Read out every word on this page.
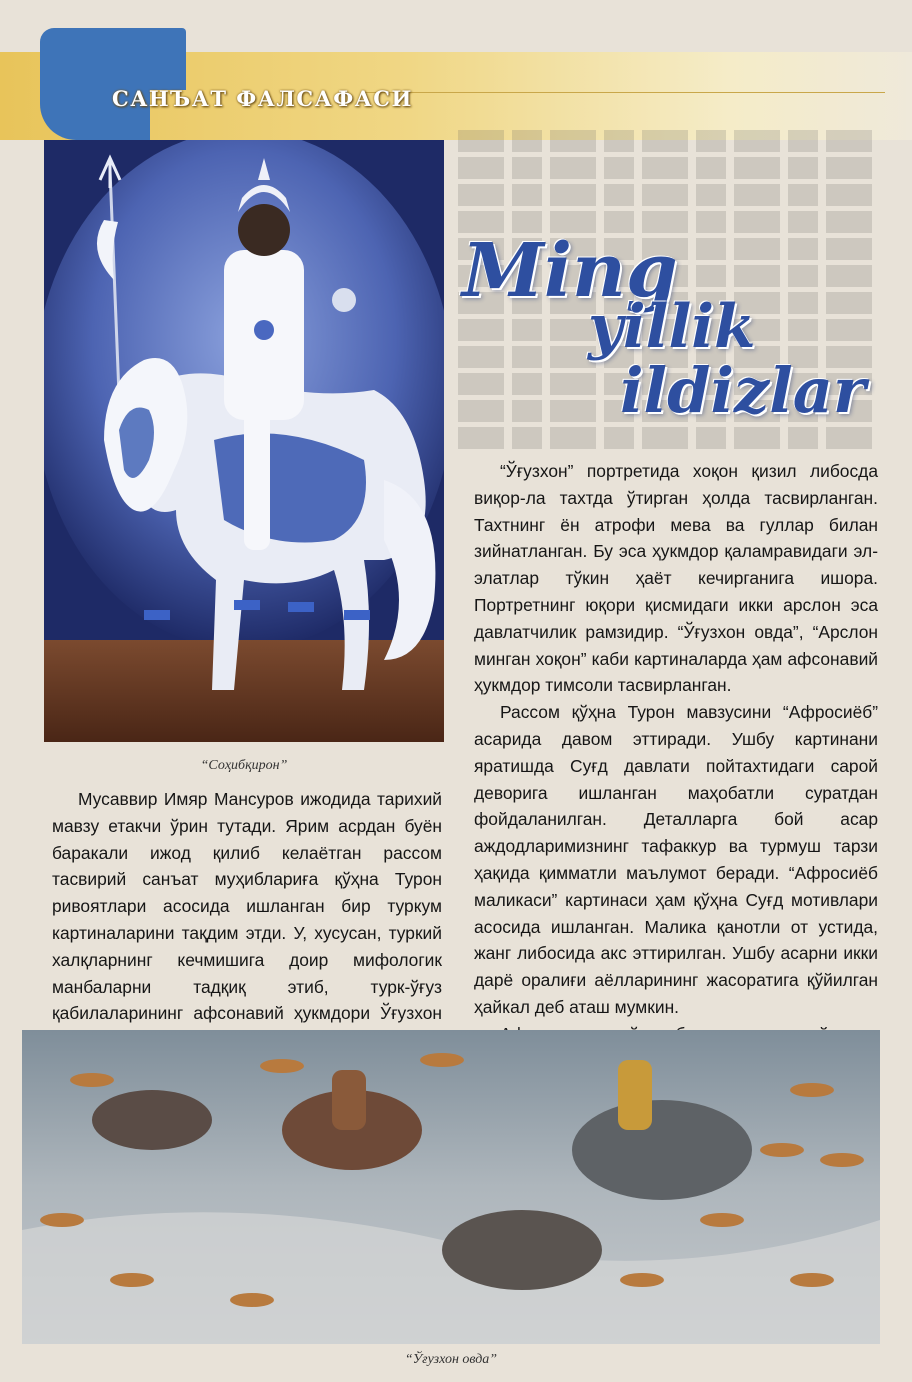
САНЪАТ ФАЛСАФАСИ
“Соҳибқирон”
Ming
yillik
ildizlar

“Ўғузхон” портретида хоқон қизил либосда виқор-ла тахтда ўтирган ҳолда тасвирланган. Тахтнинг ён атрофи мева ва гуллар билан зийнатланган. Бу эса ҳукмдор қаламравидаги эл-элатлар тўкин ҳаёт кечирганига ишора. Портретнинг юқори қисмидаги икки арслон эса давлатчилик рамзидир. “Ўғузхон овда”, “Арслон минган хоқон” каби картиналарда ҳам афсонавий ҳукмдор тимсоли тасвирланган.

Рассом қўҳна Турон мавзусини “Афросиёб” асарида давом эттиради. Ушбу картинани яратишда Суғд давлати пойтахтидаги сарой деворига ишланган маҳобатли суратдан фойдаланилган. Деталларга бой асар аждодларимизнинг тафаккур ва турмуш тарзи ҳақида қимматли маълумот беради. “Афросиёб маликаси” картинаси ҳам қўҳна Суғд мотивлари асосида ишланган. Малика қанотли от устида, жанг либосида акс эттирилган. Ушбу асарни икки дарё оралиғи аёлларининг жасоратига қўйилган ҳайкал деб аташ мумкин.

Мусаввир Имяр Мансуров ижодида тарихий мавзу етакчи ўрин тутади. Ярим асрдан буён баракали ижод қилиб келаётган рассом тасвирий санъат муҳиблариға қўҳна Турон ривоятлари асосида ишланган бир туркум картиналарини тақдим этди. У, хусусан, туркий халқларнинг кечмишига доир мифологик манбаларни тадқиқ этиб, турк-ўғуз қабилаларининг афсонавий ҳукмдори Ўғузхон

“Ўғузхон овда”
